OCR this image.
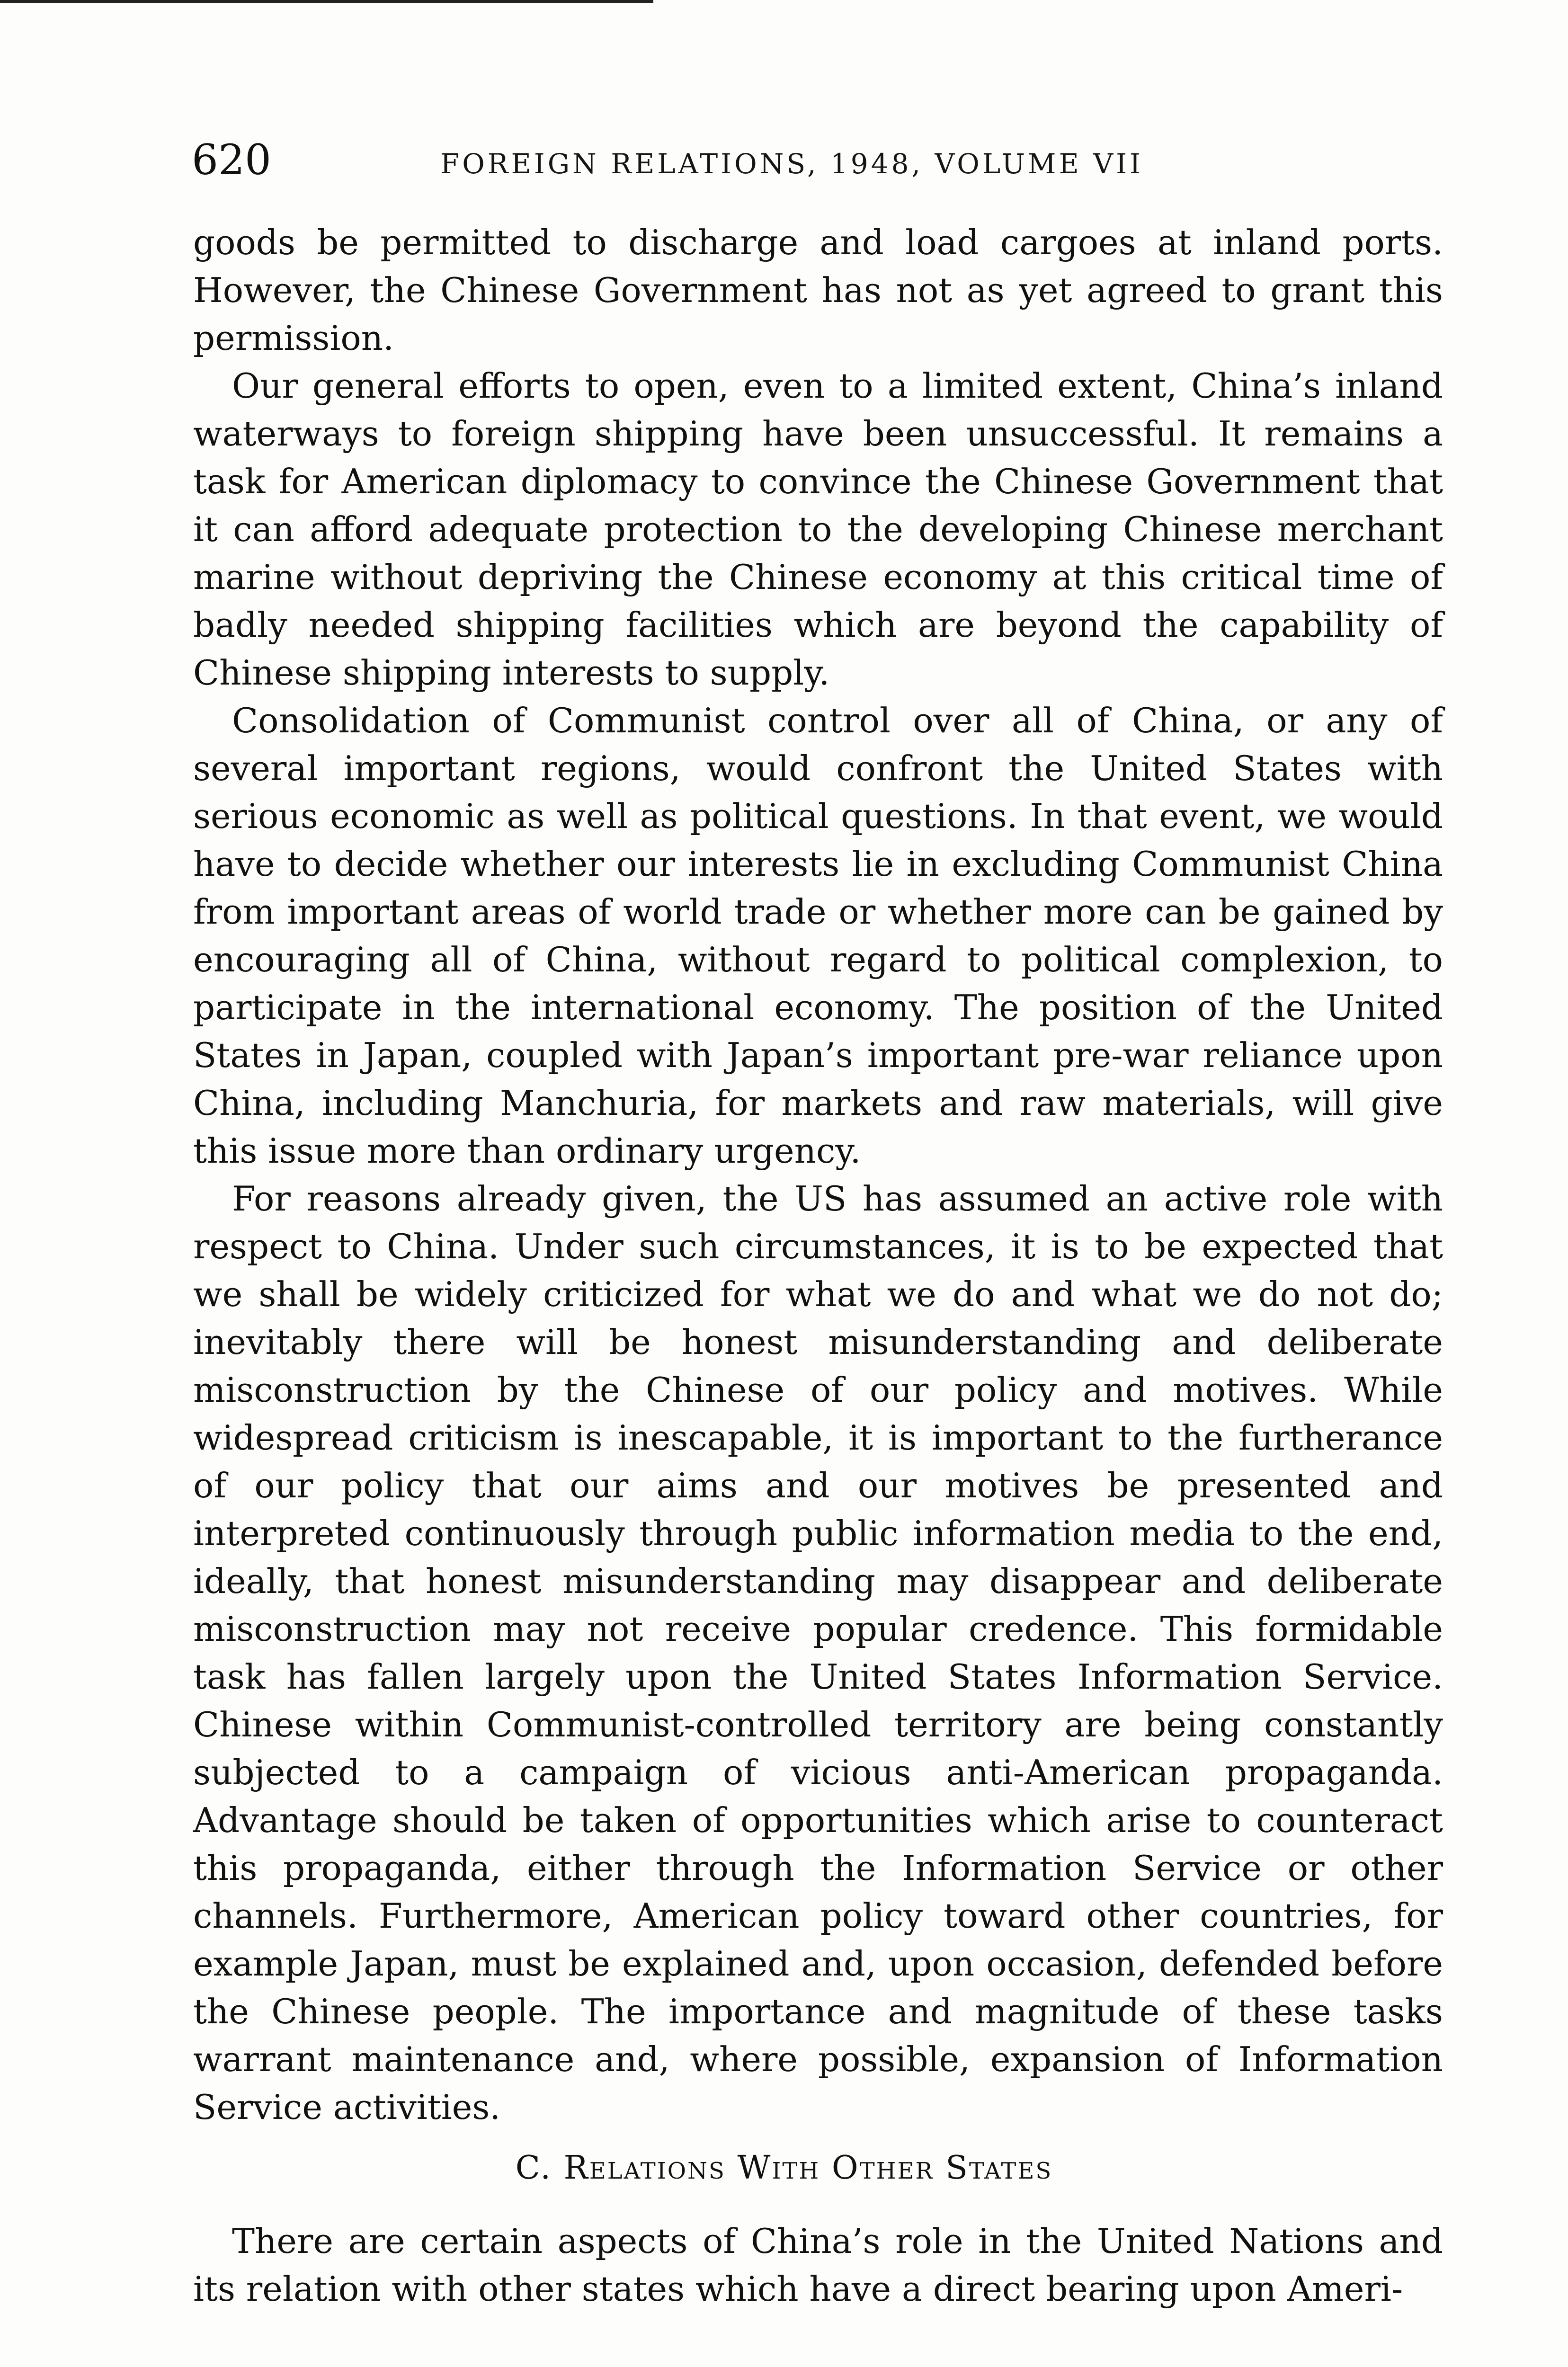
620	FOREIGN RELATIONS, 1948, VOLUME VII

goods be permitted to discharge and load cargoes at inland ports. However, the Chinese Government has not as yet agreed to grant this permission.

Our general efforts to open, even to a limited extent, China’s inland waterways to foreign shipping have been unsuccessful. It remains a task for American diplomacy to convince the Chinese Government that it can afford adequate protection to the developing Chinese merchant marine without depriving the Chinese economy at this critical time of badly needed shipping facilities which are beyond the capability of Chinese shipping interests to supply.

Consolidation of Communist control over all of China, or any of several important regions, would confront the United States with serious economic as well as political questions. In that event, we would have to decide whether our interests lie in excluding Communist China from important areas of world trade or whether more can be gained by encouraging all of China, without regard to political complexion, to participate in the international economy. The position of the United States in Japan, coupled with Japan’s important pre-war reliance upon China, including Manchuria, for markets and raw materials, will give this issue more than ordinary urgency.

For reasons already given, the US has assumed an active role with respect to China. Under such circumstances, it is to be expected that we shall be widely criticized for what we do and what we do not do; inevitably there will be honest misunderstanding and deliberate misconstruction by the Chinese of our policy and motives. While widespread criticism is inescapable, it is important to the furtherance of our policy that our aims and our motives be presented and interpreted continuously through public information media to the end, ideally, that honest misunderstanding may disappear and deliberate misconstruction may not receive popular credence. This formidable task has fallen largely upon the United States Information Service. Chinese within Communist-controlled territory are being constantly subjected to a campaign of vicious anti-American propaganda. Advantage should be taken of opportunities which arise to counteract this propaganda, either through the Information Service or other channels. Furthermore, American policy toward other countries, for example Japan, must be explained and, upon occasion, defended before the Chinese people. The importance and magnitude of these tasks warrant maintenance and, where possible, expansion of Information Service activities.

C. Relations With Other States

There are certain aspects of China’s role in the United Nations and its relation with other states which have a direct bearing upon Ameri-
